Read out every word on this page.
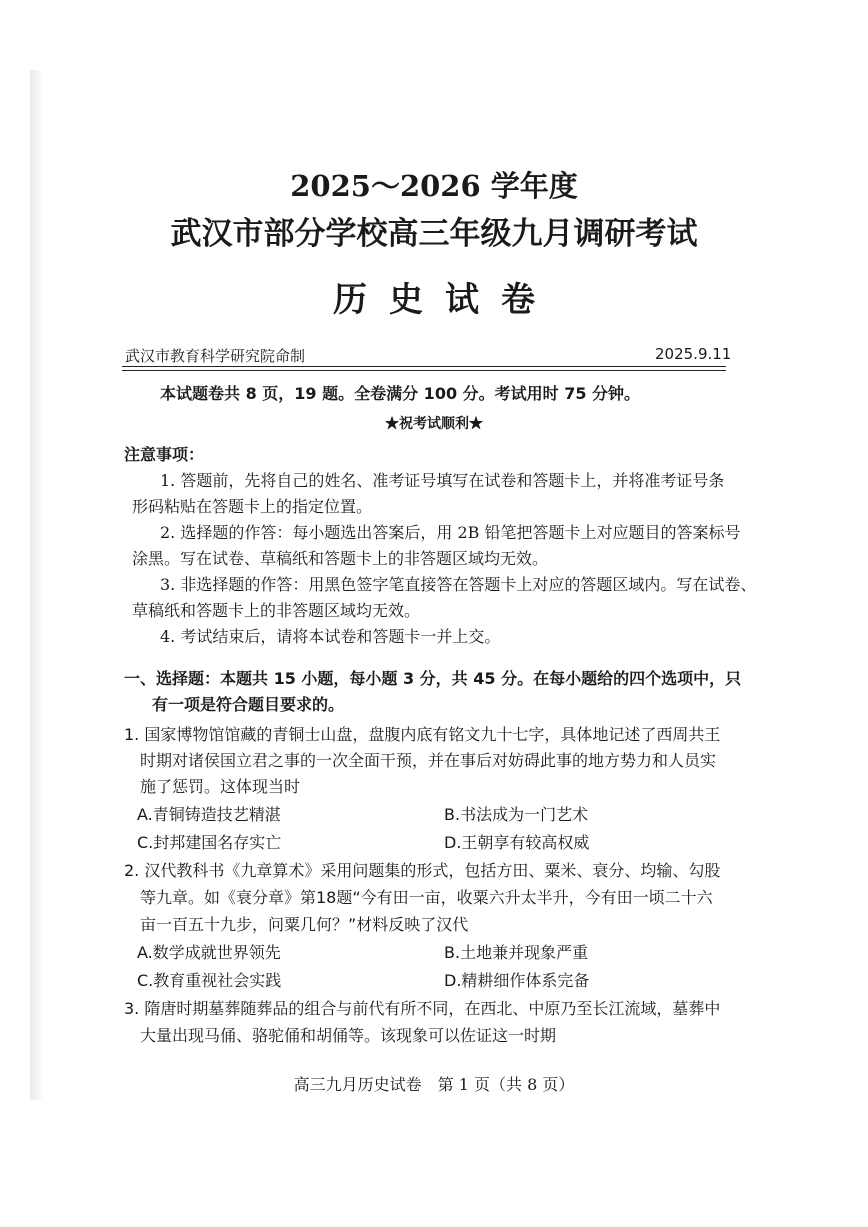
2025～2026 学年度
武汉市部分学校高三年级九月调研考试
历史试卷
武汉市教育科学研究院命制	2025.9.11
本试题卷共 8 页，19 题。全卷满分 100 分。考试用时 75 分钟。
★祝考试顺利★
注意事项：
1. 答题前，先将自己的姓名、准考证号填写在试卷和答题卡上，并将准考证号条
形码粘贴在答题卡上的指定位置。
2. 选择题的作答：每小题选出答案后，用 2B 铅笔把答题卡上对应题目的答案标号
涂黑。写在试卷、草稿纸和答题卡上的非答题区域均无效。
3. 非选择题的作答：用黑色签字笔直接答在答题卡上对应的答题区域内。写在试卷、
草稿纸和答题卡上的非答题区域均无效。
4. 考试结束后，请将本试卷和答题卡一并上交。
一、选择题：本题共 15 小题，每小题 3 分，共 45 分。在每小题给的四个选项中，只
有一项是符合题目要求的。
1. 国家博物馆馆藏的青铜士山盘，盘腹内底有铭文九十七字，具体地记述了西周共王
时期对诸侯国立君之事的一次全面干预，并在事后对妨碍此事的地方势力和人员实
施了惩罚。这体现当时
A.青铜铸造技艺精湛	B.书法成为一门艺术
C.封邦建国名存实亡	D.王朝享有较高权威
2. 汉代教科书《九章算术》采用问题集的形式，包括方田、粟米、衰分、均输、勾股
等九章。如《衰分章》第18题“今有田一亩，收粟六升太半升，今有田一顷二十六
亩一百五十九步，问粟几何？”材料反映了汉代
A.数学成就世界领先	B.土地兼并现象严重
C.教育重视社会实践	D.精耕细作体系完备
3. 隋唐时期墓葬随葬品的组合与前代有所不同，在西北、中原乃至长江流域，墓葬中
大量出现马俑、骆驼俑和胡俑等。该现象可以佐证这一时期
高三九月历史试卷　第 1 页（共 8 页）
